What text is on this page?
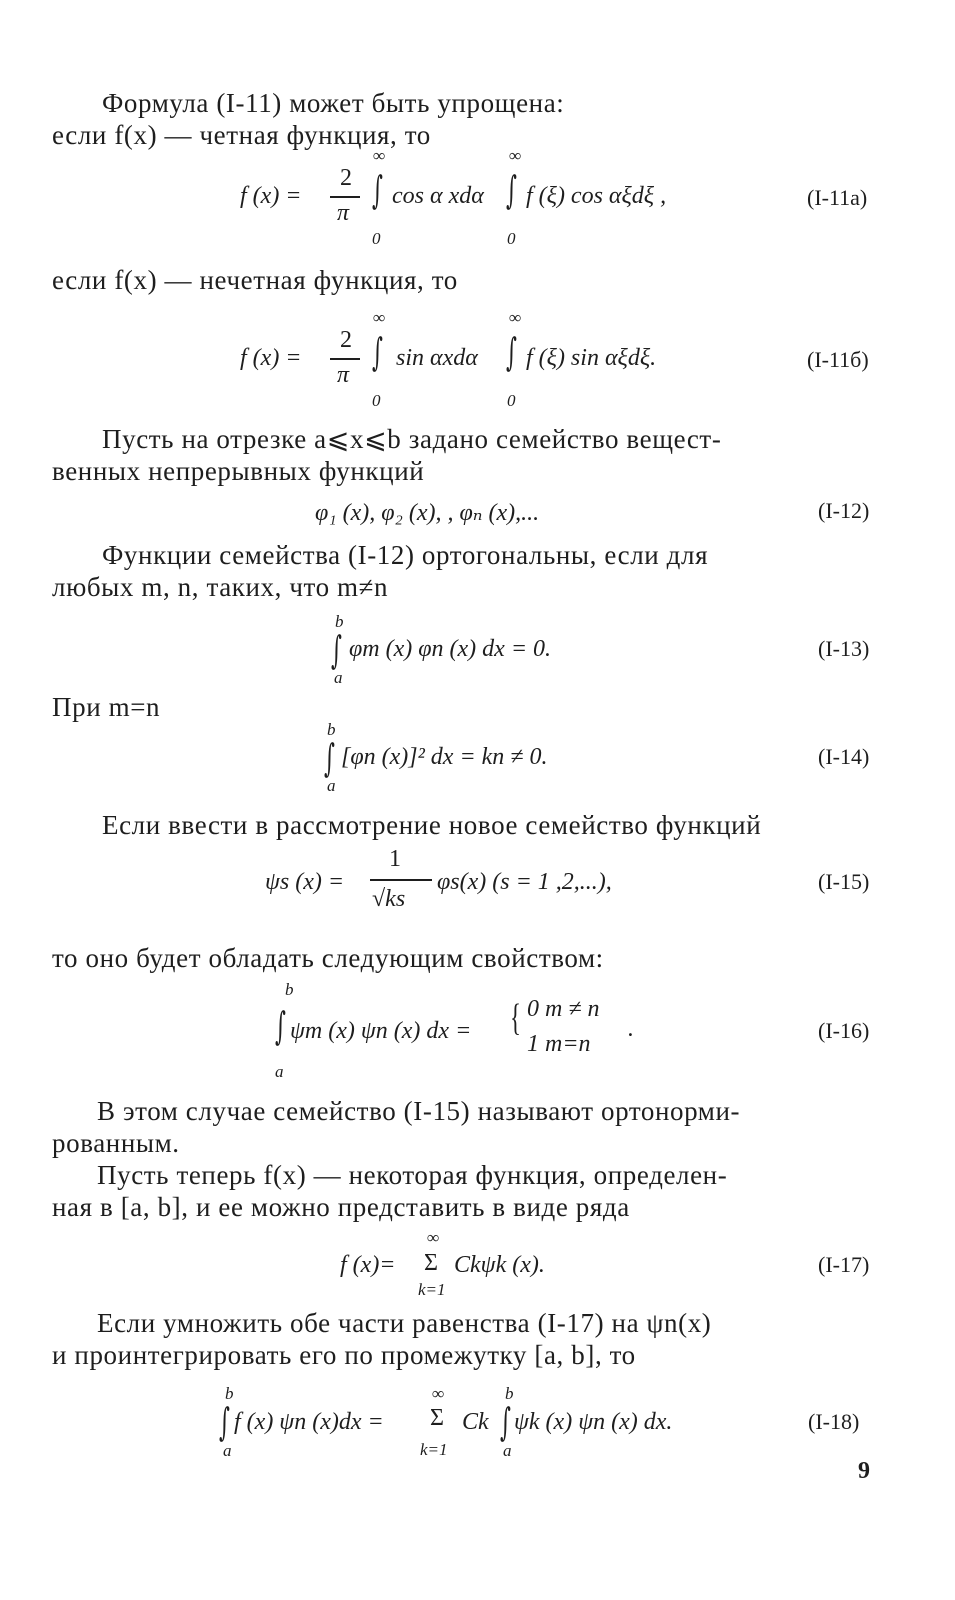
Формула (I-11) может быть упрощена:
если f(x) — четная функция, то
f (x) =
2
π
∞
∫
0
cos α xdα
∞
∫
0
f (ξ) cos αξdξ ,	(I-11a)
если f(x) — нечетная функция, то
f (x) =
2
π
∞
∫
0
sin αxdα
∞
∫
0
f (ξ) sin αξdξ.	(I-11б)
Пусть на отрезке a⩽x⩽b задано семейство вещест-
венных непрерывных функций
φ₁ (x), φ₂ (x), , φₙ (x),...	(I-12)
Функции семейства (I-12) ортогональны, если для
любых m, n, таких, что m≠n
b
∫
a
φm (x) φn (x) dx = 0.	(I-13)
При m=n
b
∫
a
[φn (x)]² dx = kn ≠ 0.	(I-14)
Если ввести в рассмотрение новое семейство функций
ψs (x) =
1
√ks
φs(x) (s = 1 ,2,...),	(I-15)
то оно будет обладать следующим свойством:
b
∫
a
ψm (x) ψn (x) dx = { 0 m ≠ n
1 m=n
.	(I-16)
В этом случае семейство (I-15) называют ортонорми-
рованным.
Пусть теперь f(x) — некоторая функция, определен-
ная в [a, b], и ее можно представить в виде ряда
f (x)=
∞
Σ
k=1
Ckψk (x).	(I-17)
Если умножить обе части равенства (I-17) на ψn(x)
и проинтегрировать его по промежутку [a, b], то
b
∫
a
f (x) ψn (x)dx =
∞
Σ
k=1
Ck
b
∫
a
ψk (x) ψn (x) dx.	(I-18)
9
